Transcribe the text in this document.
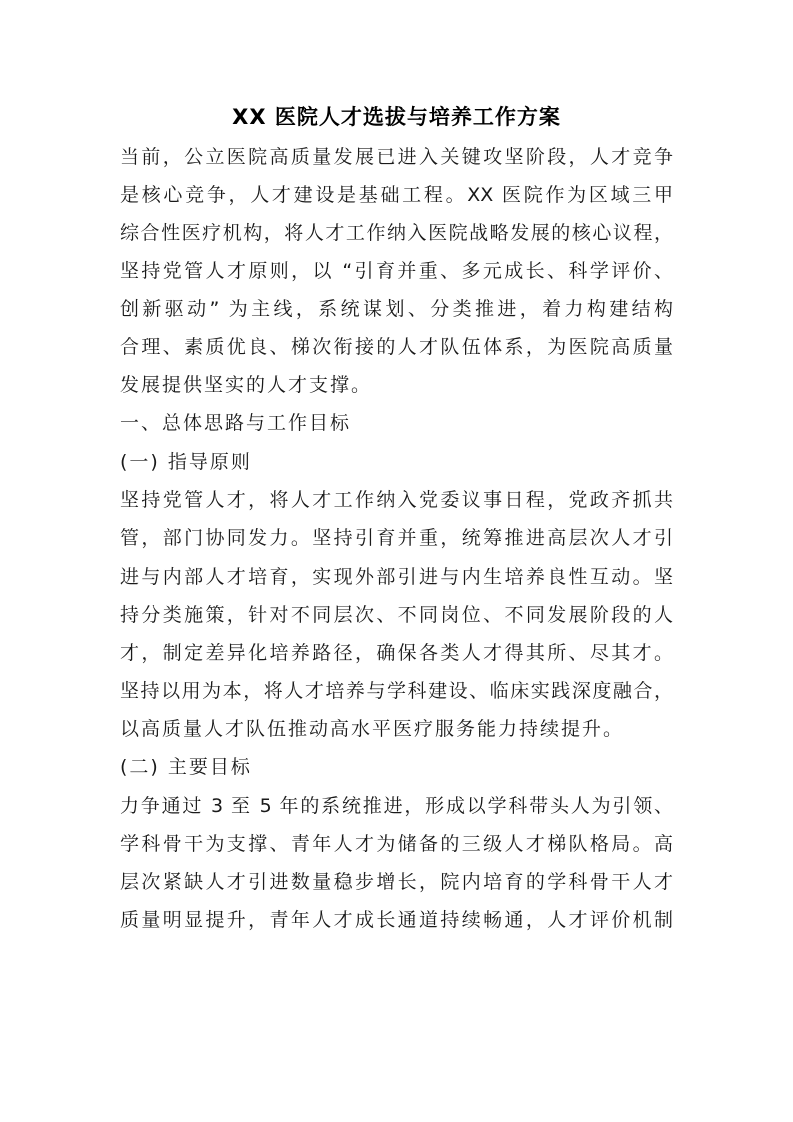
XX 医院人才选拔与培养工作方案
当前，公立医院高质量发展已进入关键攻坚阶段，人才竞争
是核心竞争，人才建设是基础工程。XX 医院作为区域三甲
综合性医疗机构，将人才工作纳入医院战略发展的核心议程，
坚持党管人才原则，以 “引育并重、多元成长、科学评价、
创新驱动” 为主线，系统谋划、分类推进，着力构建结构
合理、素质优良、梯次衔接的人才队伍体系，为医院高质量
发展提供坚实的人才支撑。
一、总体思路与工作目标
(一) 指导原则
坚持党管人才，将人才工作纳入党委议事日程，党政齐抓共
管，部门协同发力。坚持引育并重，统筹推进高层次人才引
进与内部人才培育，实现外部引进与内生培养良性互动。坚
持分类施策，针对不同层次、不同岗位、不同发展阶段的人
才，制定差异化培养路径，确保各类人才得其所、尽其才。
坚持以用为本，将人才培养与学科建设、临床实践深度融合，
以高质量人才队伍推动高水平医疗服务能力持续提升。
(二) 主要目标
力争通过 3 至 5 年的系统推进，形成以学科带头人为引领、
学科骨干为支撑、青年人才为储备的三级人才梯队格局。高
层次紧缺人才引进数量稳步增长，院内培育的学科骨干人才
质量明显提升，青年人才成长通道持续畅通，人才评价机制
